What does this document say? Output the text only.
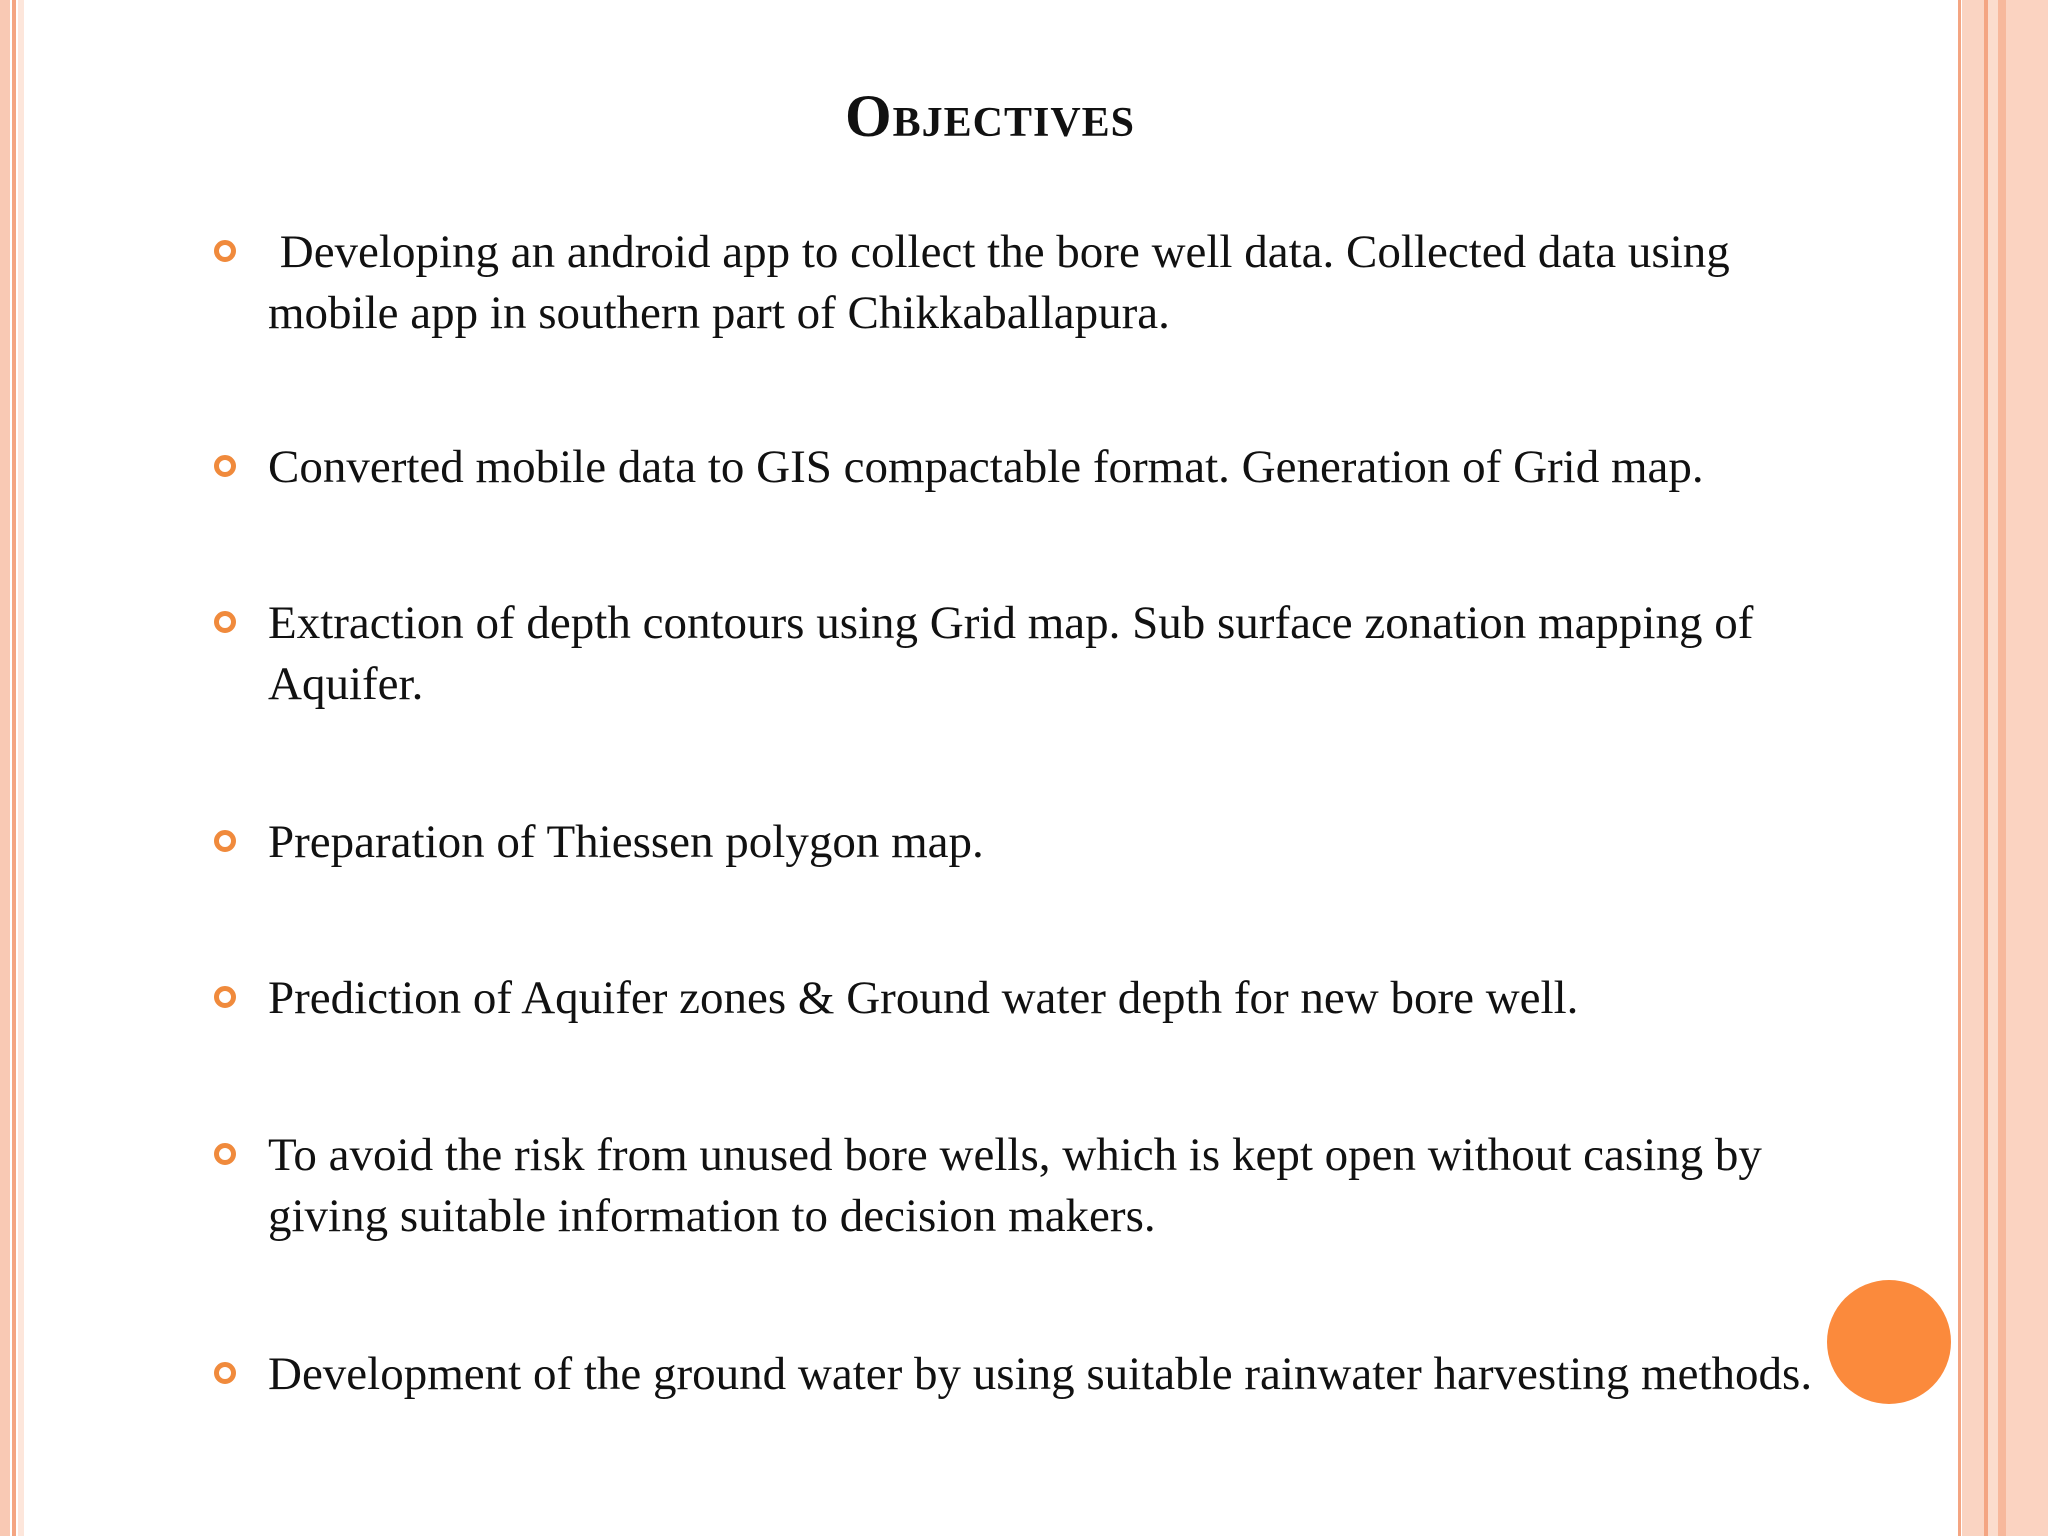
Objectives
Developing an android app to collect the bore well data. Collected data using mobile app in southern part of Chikkaballapura.
Converted mobile data to GIS compactable format. Generation of Grid map.
Extraction of depth contours using Grid map. Sub surface zonation mapping of Aquifer.
Preparation of Thiessen polygon map.
Prediction of Aquifer zones & Ground water depth for new bore well.
To avoid the risk from unused bore wells, which is kept open without casing by giving suitable information to decision makers.
Development of the ground water by using suitable rainwater harvesting methods.
